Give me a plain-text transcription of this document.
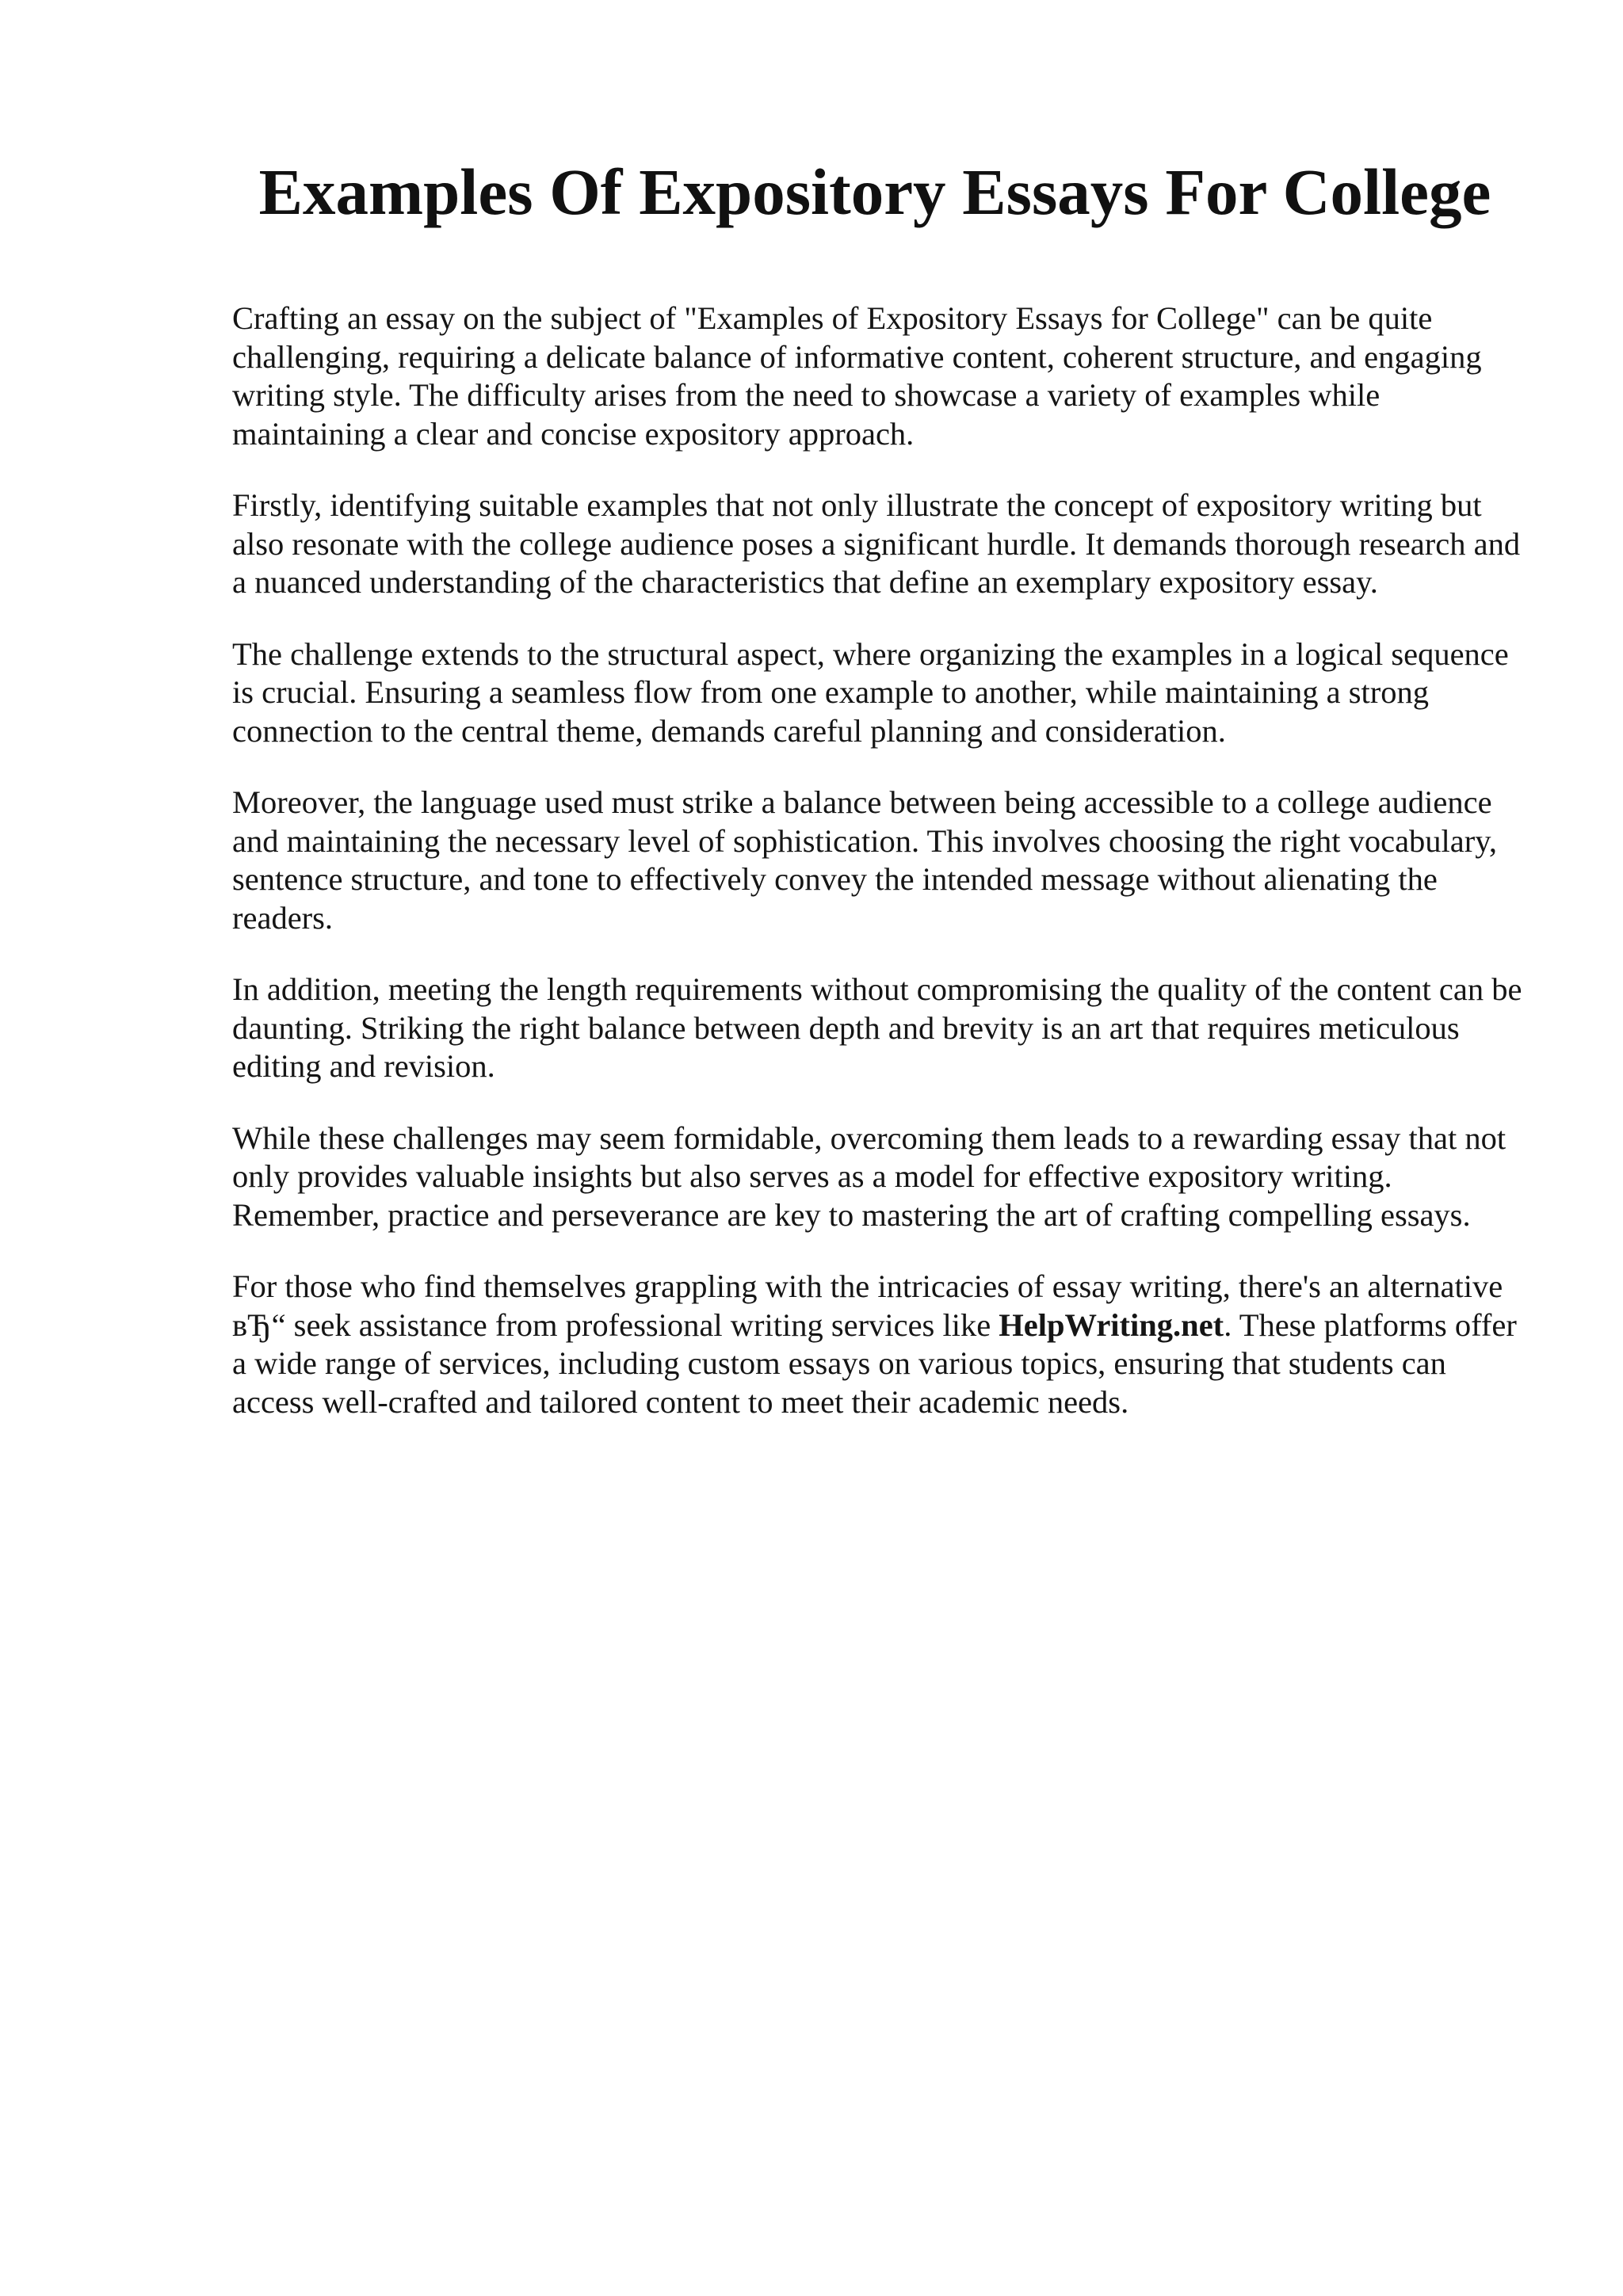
Examples Of Expository Essays For College

Crafting an essay on the subject of "Examples of Expository Essays for College" can be quite challenging, requiring a delicate balance of informative content, coherent structure, and engaging writing style. The difficulty arises from the need to showcase a variety of examples while maintaining a clear and concise expository approach.

Firstly, identifying suitable examples that not only illustrate the concept of expository writing but also resonate with the college audience poses a significant hurdle. It demands thorough research and a nuanced understanding of the characteristics that define an exemplary expository essay.

The challenge extends to the structural aspect, where organizing the examples in a logical sequence is crucial. Ensuring a seamless flow from one example to another, while maintaining a strong connection to the central theme, demands careful planning and consideration.

Moreover, the language used must strike a balance between being accessible to a college audience and maintaining the necessary level of sophistication. This involves choosing the right vocabulary, sentence structure, and tone to effectively convey the intended message without alienating the readers.

In addition, meeting the length requirements without compromising the quality of the content can be daunting. Striking the right balance between depth and brevity is an art that requires meticulous editing and revision.

While these challenges may seem formidable, overcoming them leads to a rewarding essay that not only provides valuable insights but also serves as a model for effective expository writing. Remember, practice and perseverance are key to mastering the art of crafting compelling essays.

For those who find themselves grappling with the intricacies of essay writing, there's an alternative вЂ“ seek assistance from professional writing services like HelpWriting.net. These platforms offer a wide range of services, including custom essays on various topics, ensuring that students can access well-crafted and tailored content to meet their academic needs.
